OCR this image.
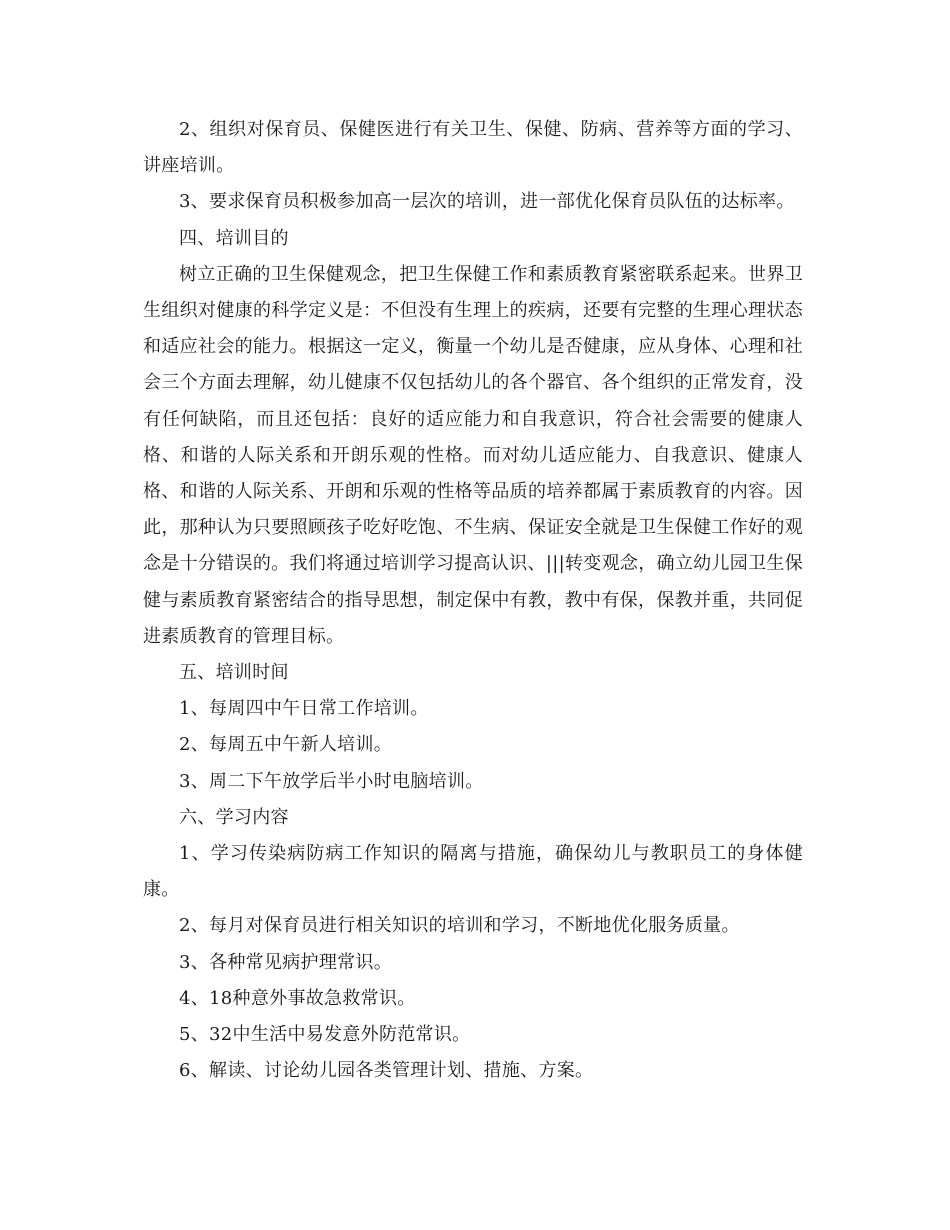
2、组织对保育员、保健医进行有关卫生、保健、防病、营养等方面的学习、讲座培训。

3、要求保育员积极参加高一层次的培训，进一部优化保育员队伍的达标率。

四、培训目的

树立正确的卫生保健观念，把卫生保健工作和素质教育紧密联系起来。世界卫生组织对健康的科学定义是：不但没有生理上的疾病，还要有完整的生理心理状态和适应社会的能力。根据这一定义，衡量一个幼儿是否健康，应从身体、心理和社会三个方面去理解，幼儿健康不仅包括幼儿的各个器官、各个组织的正常发育，没有任何缺陷，而且还包括：良好的适应能力和自我意识，符合社会需要的健康人格、和谐的人际关系和开朗乐观的性格。而对幼儿适应能力、自我意识、健康人格、和谐的人际关系、开朗和乐观的性格等品质的培养都属于素质教育的内容。因此，那种认为只要照顾孩子吃好吃饱、不生病、保证安全就是卫生保健工作好的观念是十分错误的。我们将通过培训学习提高认识、|||转变观念，确立幼儿园卫生保健与素质教育紧密结合的指导思想，制定保中有教，教中有保，保教并重，共同促进素质教育的管理目标。

五、培训时间

1、每周四中午日常工作培训。

2、每周五中午新人培训。

3、周二下午放学后半小时电脑培训。

六、学习内容

1、学习传染病防病工作知识的隔离与措施，确保幼儿与教职员工的身体健康。

2、每月对保育员进行相关知识的培训和学习，不断地优化服务质量。

3、各种常见病护理常识。

4、18种意外事故急救常识。

5、32中生活中易发意外防范常识。

6、解读、讨论幼儿园各类管理计划、措施、方案。
